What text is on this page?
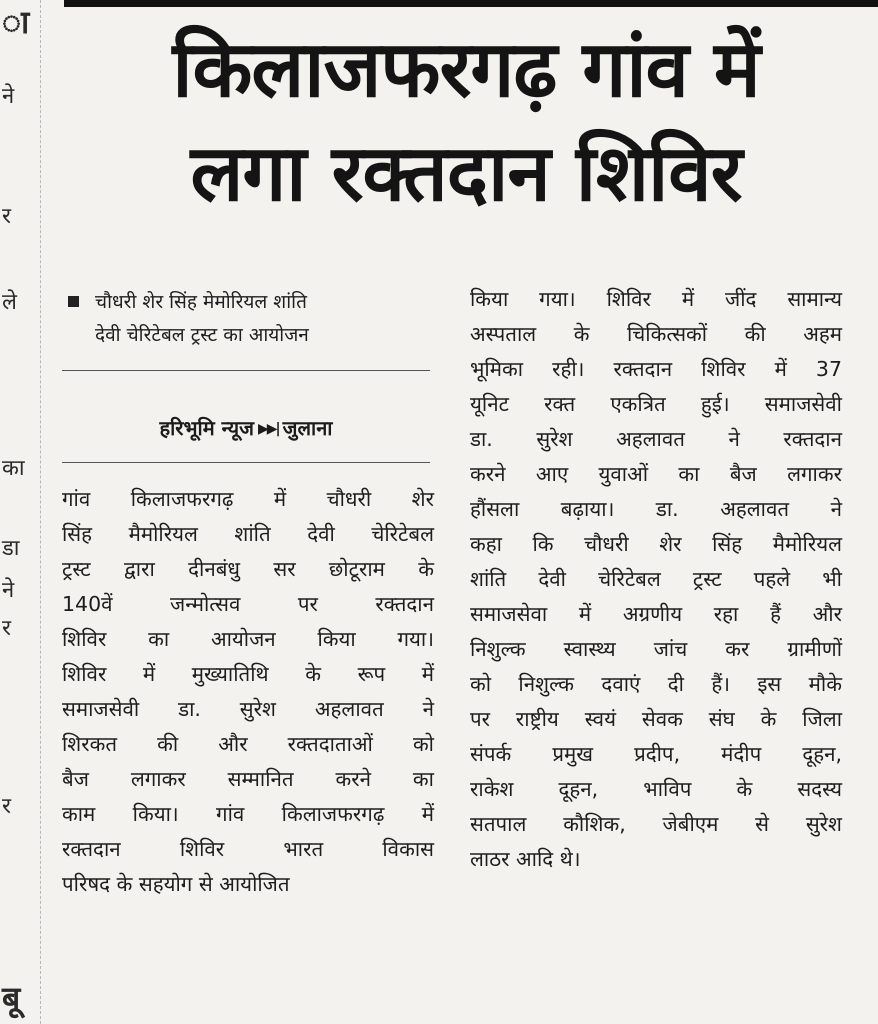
ा
ने
र
ले
का
डा
ने
र
र
बू
किलाजफरगढ़ गांव में
लगा रक्तदान शिविर
चौधरी शेर सिंह मेमोरियल शांति
देवी चेरिटेबल ट्रस्ट का आयोजन
हरिभूमि न्यूज ▶▶| जुलाना
गांव किलाजफरगढ़ में चौधरी शेर
सिंह मैमोरियल शांति देवी चेरिटेबल
ट्रस्ट द्वारा दीनबंधु सर छोटूराम के
140वें जन्मोत्सव पर रक्तदान
शिविर का आयोजन किया गया।
शिविर में मुख्यातिथि के रूप में
समाजसेवी डा. सुरेश अहलावत ने
शिरकत की और रक्तदाताओं को
बैज लगाकर सम्मानित करने का
काम किया। गांव किलाजफरगढ़ में
रक्तदान शिविर भारत विकास
परिषद के सहयोग से आयोजित
किया गया। शिविर में जींद सामान्य
अस्पताल के चिकित्सकों की अहम
भूमिका रही। रक्तदान शिविर में 37
यूनिट रक्त एकत्रित हुई। समाजसेवी
डा. सुरेश अहलावत ने रक्तदान
करने आए युवाओं का बैज लगाकर
हौंसला बढ़ाया। डा. अहलावत ने
कहा कि चौधरी शेर सिंह मैमोरियल
शांति देवी चेरिटेबल ट्रस्ट पहले भी
समाजसेवा में अग्रणीय रहा हैं और
निशुल्क स्वास्थ्य जांच कर ग्रामीणों
को निशुल्क दवाएं दी हैं। इस मौके
पर राष्ट्रीय स्वयं सेवक संघ के जिला
संपर्क प्रमुख प्रदीप, मंदीप दूहन,
राकेश दूहन, भाविप के सदस्य
सतपाल कौशिक, जेबीएम से सुरेश
लाठर आदि थे।
